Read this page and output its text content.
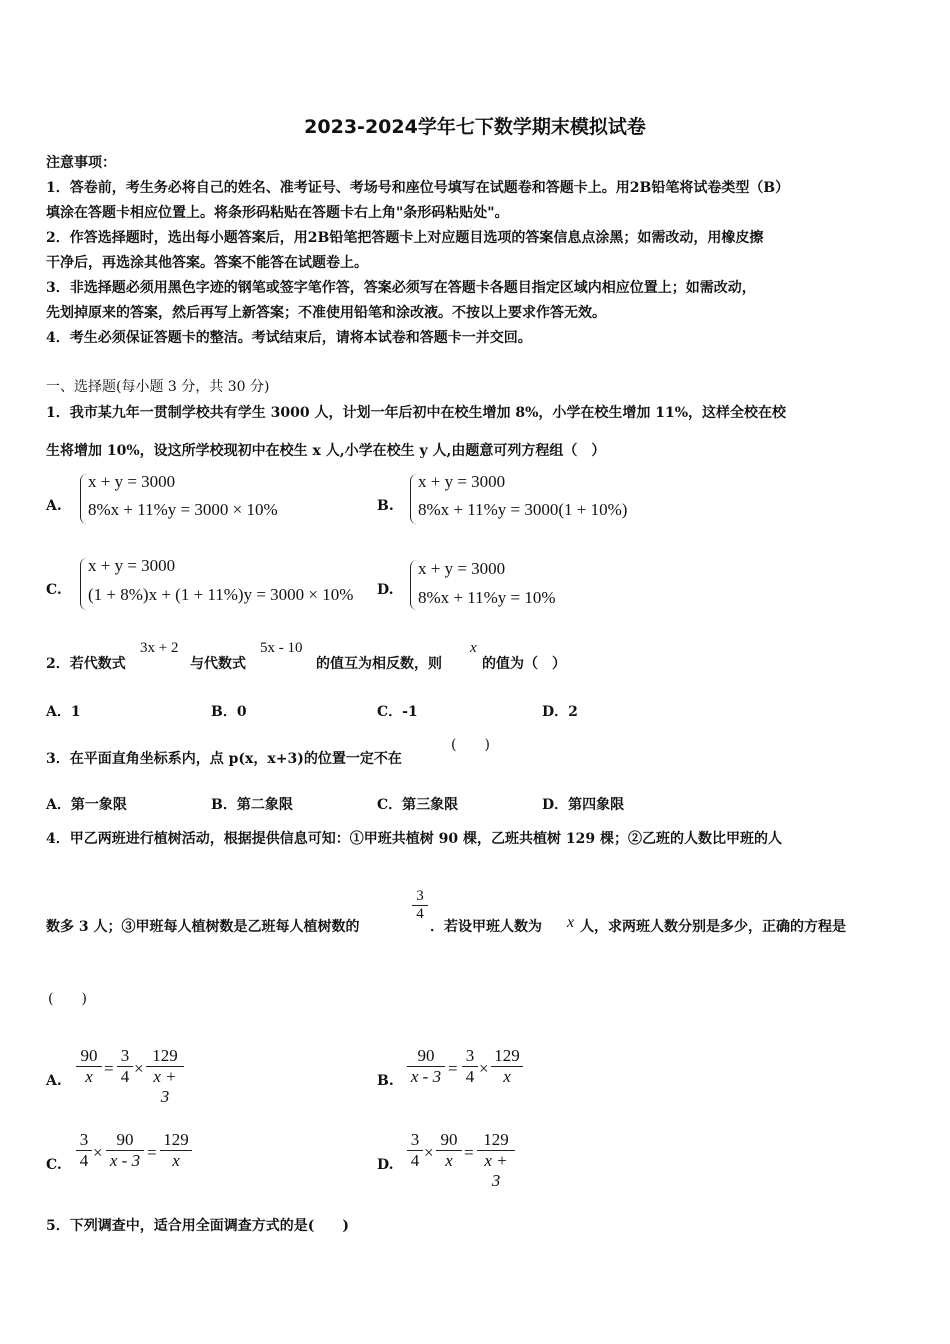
2023-2024学年七下数学期末模拟试卷
注意事项：
1．答卷前，考生务必将自己的姓名、准考证号、考场号和座位号填写在试题卷和答题卡上。用2B铅笔将试卷类型（B）
填涂在答题卡相应位置上。将条形码粘贴在答题卡右上角"条形码粘贴处"。
2．作答选择题时，选出每小题答案后，用2B铅笔把答题卡上对应题目选项的答案信息点涂黑；如需改动，用橡皮擦
干净后，再选涂其他答案。答案不能答在试题卷上。
3．非选择题必须用黑色字迹的钢笔或签字笔作答，答案必须写在答题卡各题目指定区域内相应位置上；如需改动，
先划掉原来的答案，然后再写上新答案；不准使用铅笔和涂改液。不按以上要求作答无效。
4．考生必须保证答题卡的整洁。考试结束后，请将本试卷和答题卡一并交回。
一、选择题(每小题 3 分，共 30 分)
1．我市某九年一贯制学校共有学生 3000 人，计划一年后初中在校生增加 8%，小学在校生增加 11%，这样全校在校
生将增加 10%，设这所学校现初中在校生 x 人,小学在校生 y 人,由题意可列方程组（　）
A.
x + y = 3000
8%x + 11%y = 3000 × 10%	B.
x + y = 3000
8%x + 11%y = 3000(1 + 10%)
C.
x + y = 3000
(1 + 8%)x + (1 + 11%)y = 3000 × 10% D.
x + y = 3000
8%x + 11%y = 10%
2．若代数式
3x + 2
与代数式
5x - 10
的值互为相反数，则
x
的值为（　）
A．1	B．0	C．-1	D．2
3．在平面直角坐标系内，点 p(x，x+3)的位置一定不在
(　　)
A．第一象限	B．第二象限	C．第三象限	D．第四象限
4．甲乙两班进行植树活动，根据提供信息可知：①甲班共植树 90 棵，乙班共植树 129 棵；②乙班的人数比甲班的人
数多 3 人；③甲班每人植树数是乙班每人植树数的
$\frac{3}{4}$
．若设甲班人数为 x 人，求两班人数分别是多少，正确的方程是
(　　)
A. $\frac{90}{x} = \frac{3}{4} \times \frac{129}{x + 3}$	B. $\frac{90}{x - 3} = \frac{3}{4} \times \frac{129}{x}$
C. $\frac{3}{4} \times \frac{90}{x - 3} = \frac{129}{x}$	D. $\frac{3}{4} \times \frac{90}{x} = \frac{129}{x + 3}$
5．下列调查中，适合用全面调查方式的是(　　)
